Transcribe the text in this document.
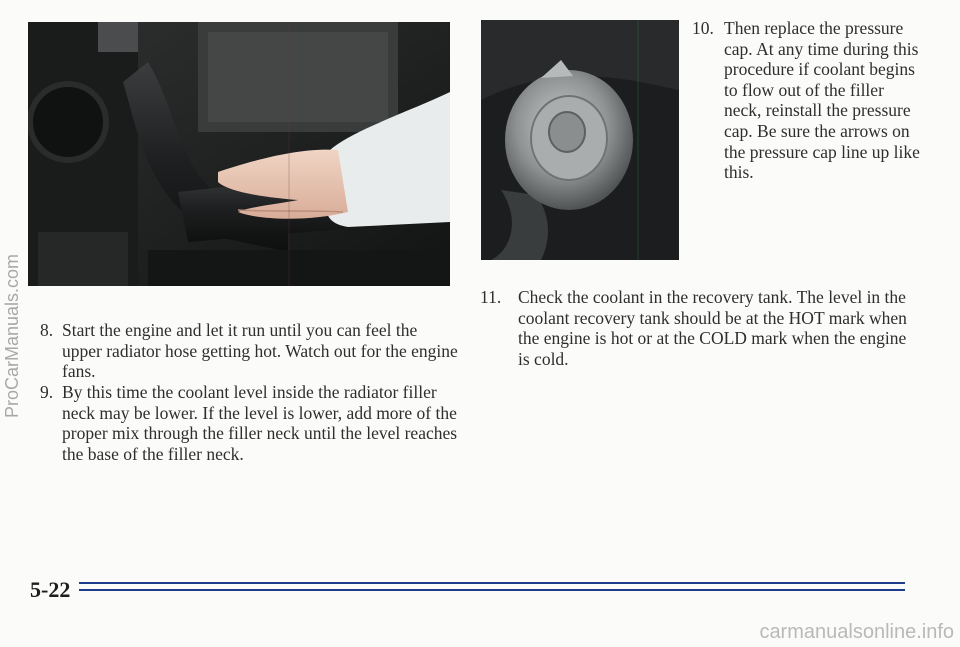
8. Start the engine and let it run until you can feel the upper radiator hose getting hot. Watch out for the engine fans.
9. By this time the coolant level inside the radiator filler neck may be lower. If the level is lower, add more of the proper mix through the filler neck until the level reaches the base of the filler neck.
10. Then replace the pressure cap. At any time during this procedure if coolant begins to flow out of the filler neck, reinstall the pressure cap. Be sure the arrows on the pressure cap line up like this.
11. Check the coolant in the recovery tank. The level in the coolant recovery tank should be at the HOT mark when the engine is hot or at the COLD mark when the engine is cold.
ProCarManuals.com
5-22
carmanualsonline.info
